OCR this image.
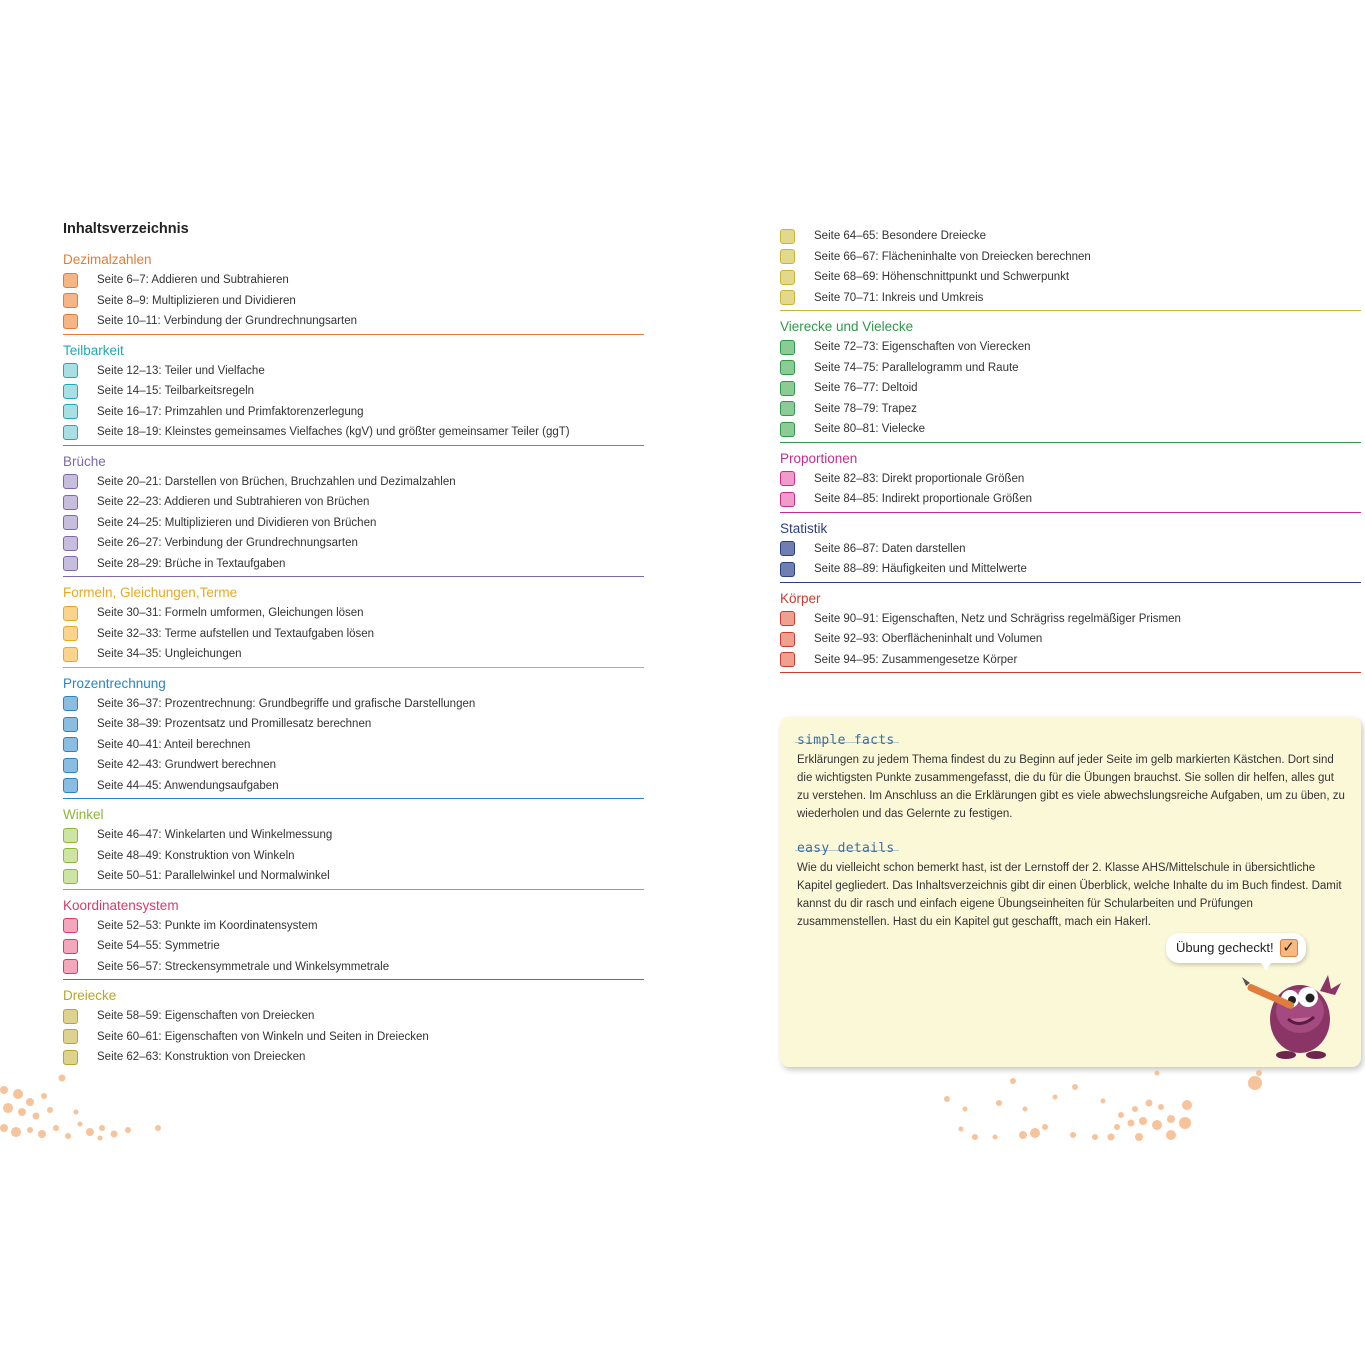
Inhaltsverzeichnis
Dezimalzahlen
Seite 6–7: Addieren und Subtrahieren
Seite 8–9: Multiplizieren und Dividieren
Seite 10–11: Verbindung der Grundrechnungsarten
Teilbarkeit
Seite 12–13: Teiler und Vielfache
Seite 14–15: Teilbarkeitsregeln
Seite 16–17: Primzahlen und Primfaktorenzerlegung
Seite 18–19: Kleinstes gemeinsames Vielfaches (kgV) und größter gemeinsamer Teiler (ggT)
Brüche
Seite 20–21: Darstellen von Brüchen, Bruchzahlen und Dezimalzahlen
Seite 22–23: Addieren und Subtrahieren von Brüchen
Seite 24–25: Multiplizieren und Dividieren von Brüchen
Seite 26–27: Verbindung der Grundrechnungsarten
Seite 28–29: Brüche in Textaufgaben
Formeln, Gleichungen,Terme
Seite 30–31: Formeln umformen, Gleichungen lösen
Seite 32–33: Terme aufstellen und Textaufgaben lösen
Seite 34–35: Ungleichungen
Prozentrechnung
Seite 36–37: Prozentrechnung: Grundbegriffe und grafische Darstellungen
Seite 38–39: Prozentsatz und Promillesatz berechnen
Seite 40–41: Anteil berechnen
Seite 42–43: Grundwert berechnen
Seite 44–45: Anwendungsaufgaben
Winkel
Seite 46–47: Winkelarten und Winkelmessung
Seite 48–49: Konstruktion von Winkeln
Seite 50–51: Parallelwinkel und Normalwinkel
Koordinatensystem
Seite 52–53: Punkte im Koordinatensystem
Seite 54–55: Symmetrie
Seite 56–57: Streckensymmetrale und Winkelsymmetrale
Dreiecke
Seite 58–59: Eigenschaften von Dreiecken
Seite 60–61: Eigenschaften von Winkeln und Seiten in Dreiecken
Seite 62–63: Konstruktion von Dreiecken
Seite 64–65: Besondere Dreiecke
Seite 66–67: Flächeninhalte von Dreiecken berechnen
Seite 68–69: Höhenschnittpunkt und Schwerpunkt
Seite 70–71: Inkreis und Umkreis
Vierecke und Vielecke
Seite 72–73: Eigenschaften von Vierecken
Seite 74–75: Parallelogramm und Raute
Seite 76–77: Deltoid
Seite 78–79: Trapez
Seite 80–81: Vielecke
Proportionen
Seite 82–83: Direkt proportionale Größen
Seite 84–85: Indirekt proportionale Größen
Statistik
Seite 86–87: Daten darstellen
Seite 88–89: Häufigkeiten und Mittelwerte
Körper
Seite 90–91: Eigenschaften, Netz und Schrägriss regelmäßiger Prismen
Seite 92–93: Oberflächeninhalt und Volumen
Seite 94–95: Zusammengesetze Körper
simple facts
Erklärungen zu jedem Thema findest du zu Beginn auf jeder Seite im gelb markierten Kästchen. Dort sind die wichtigsten Punkte zusammengefasst, die du für die Übungen brauchst. Sie sollen dir helfen, alles gut zu verstehen. Im Anschluss an die Erklärungen gibt es viele abwechslungsreiche Aufgaben, um zu üben, zu wiederholen und das Gelernte zu festigen.
easy details
Wie du vielleicht schon bemerkt hast, ist der Lernstoff der 2. Klasse AHS/Mittelschule in übersichtliche Kapitel gegliedert. Das Inhaltsverzeichnis gibt dir einen Überblick, welche Inhalte du im Buch findest. Damit kannst du dir rasch und einfach eigene Übungseinheiten für Schularbeiten und Prüfungen zusammenstellen. Hast du ein Kapitel gut geschafft, mach ein Hakerl.
Übung gecheckt! ✓
